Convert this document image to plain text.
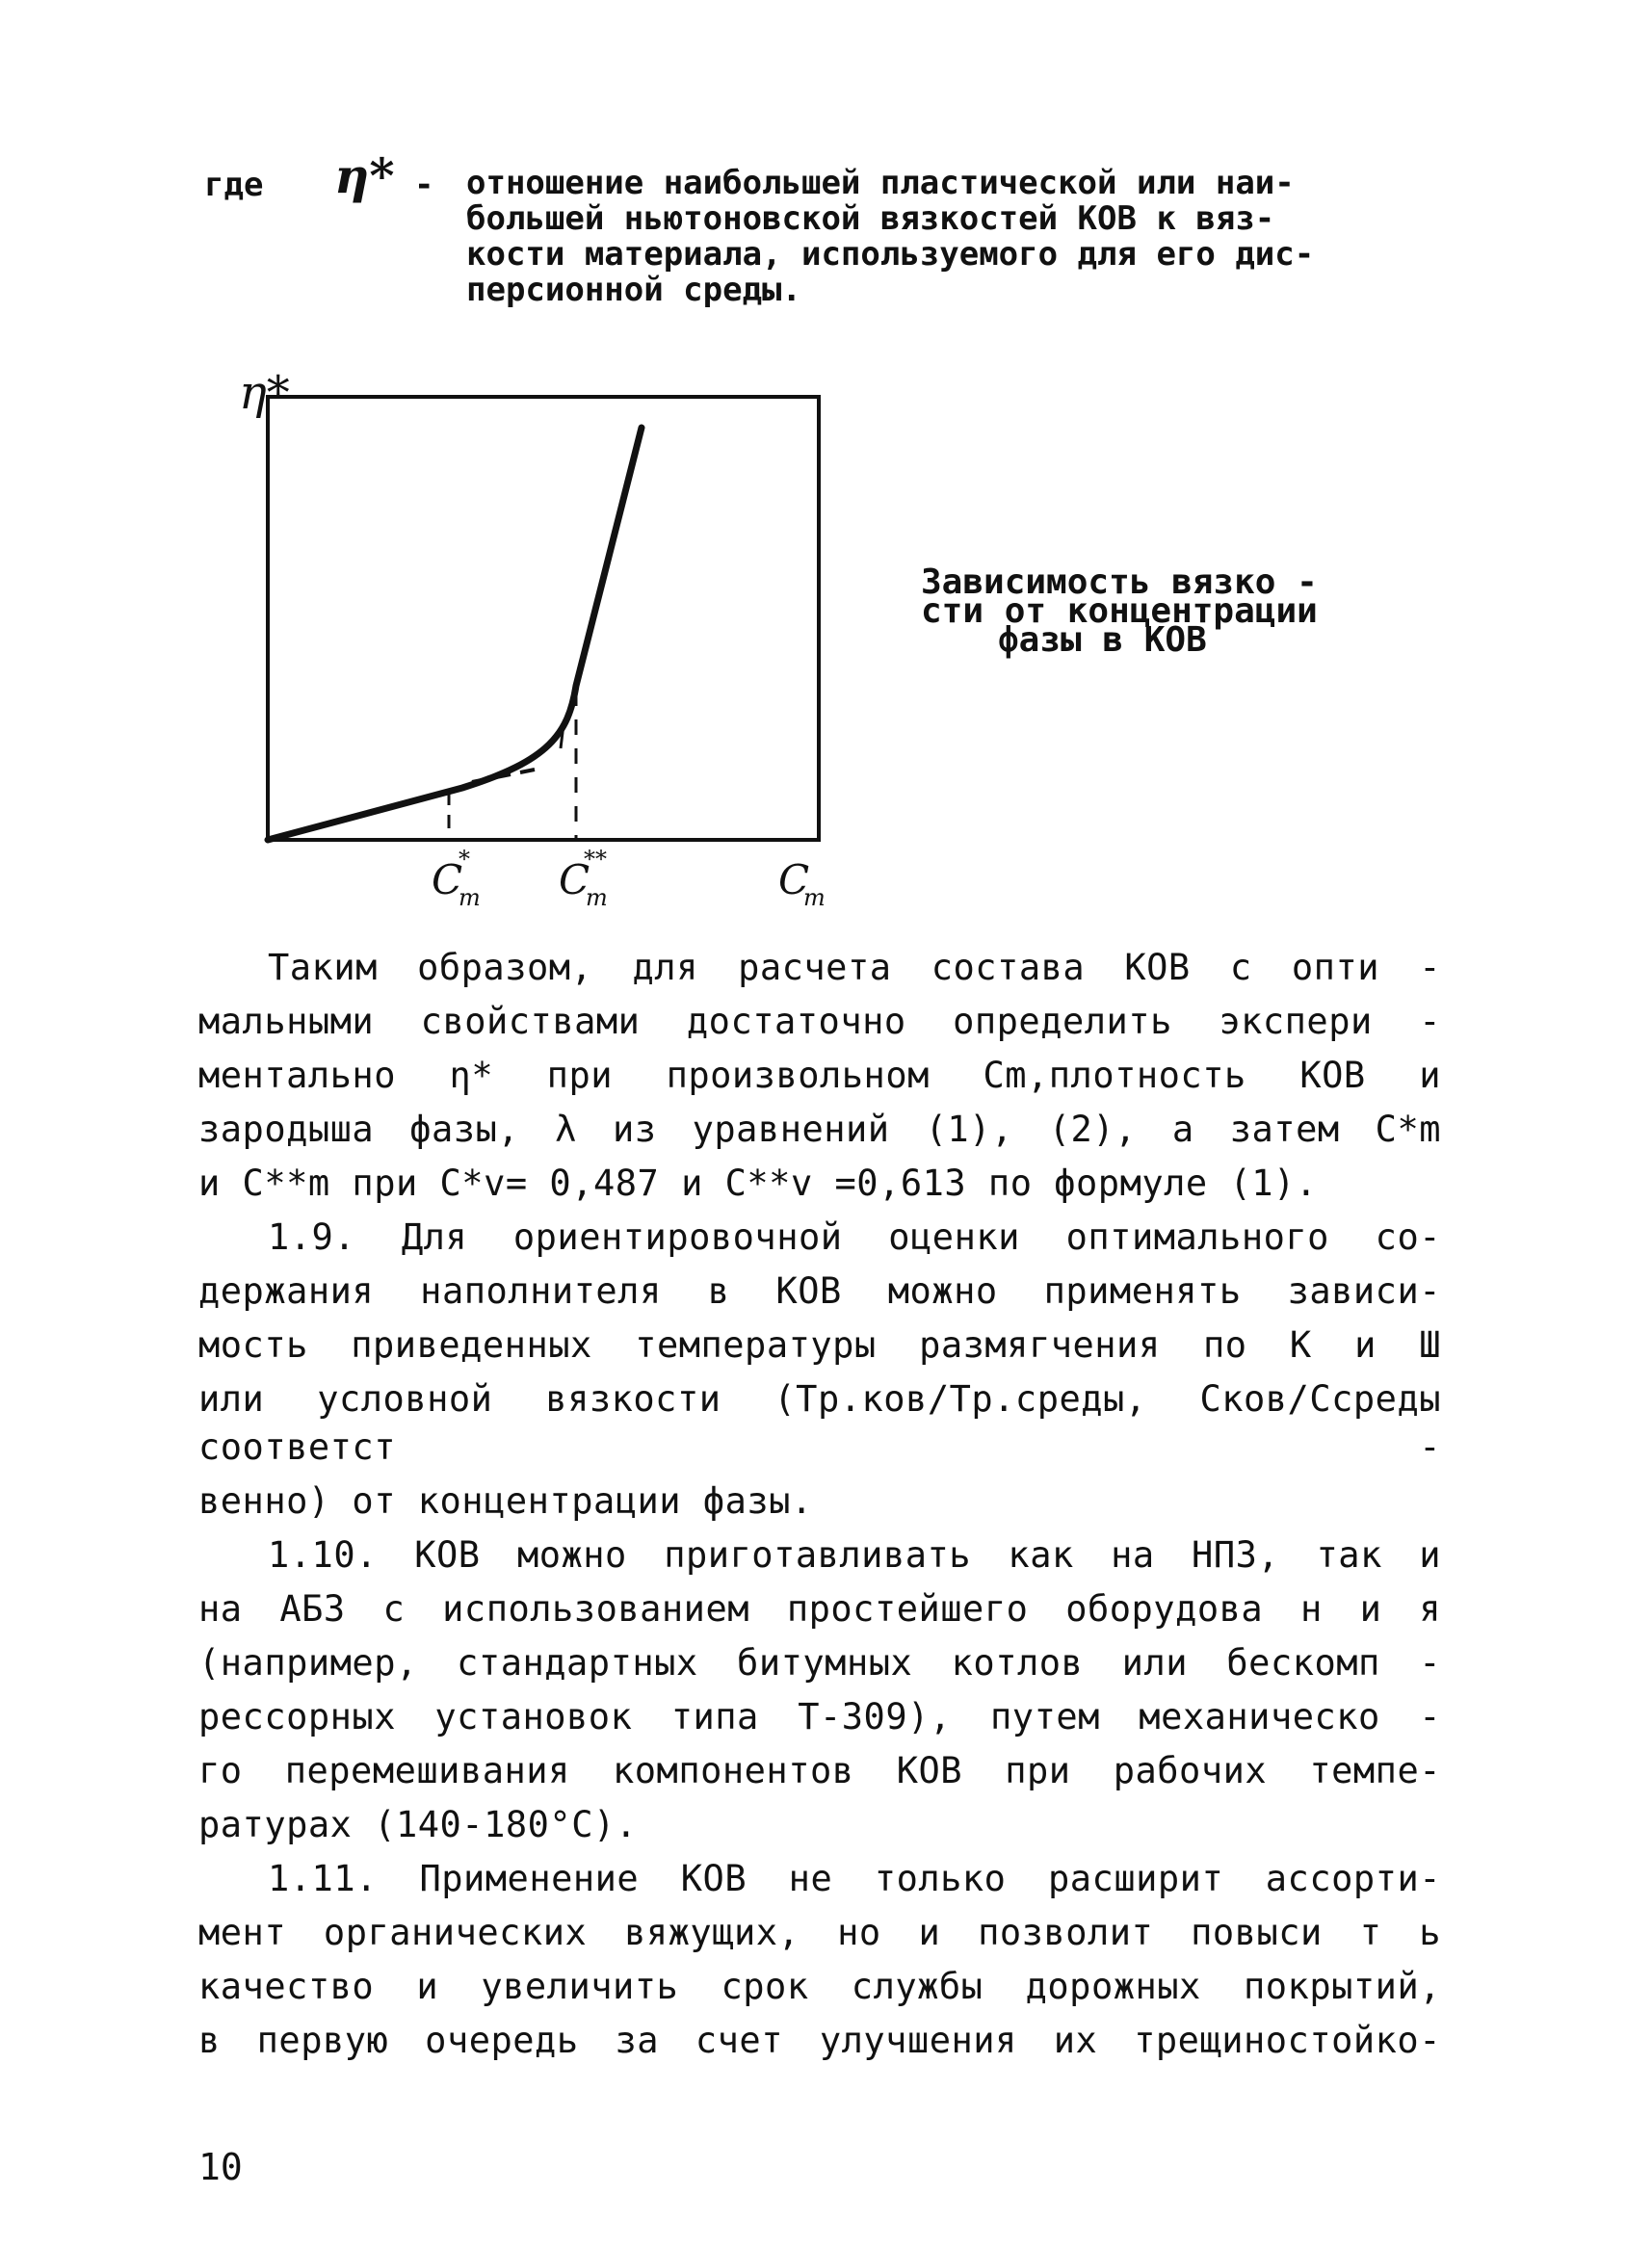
где η* - отношение наибольшей пластической или наи-
большей ньютоновской вязкостей КОВ к вяз-
кости материала, используемого для его дис-
персионной среды.
η*
C
m
* C
m
**	C
m
Зависимость вязко -
сти от концентрации
фазы в КОВ

Таким образом, для расчета состава КОВ с опти -

мальными свойствами достаточно определить экспери -

ментально η* при произвольном Cm,плотность КОВ и

зародыша фазы, λ из уравнений (1), (2), а затем C*m

и C**m при C*v= 0,487 и C**v =0,613 по формуле (1).

1.9. Для ориентировочной оценки оптимального со-

держания наполнителя в КОВ можно применять зависи-

мость приведенных температуры размягчения по К и Ш

или условной вязкости (Tр.ков/Tр.среды, Cков/Cсреды соответст -

венно) от концентрации фазы.

1.10. КОВ можно приготавливать как на НПЗ, так и

на АБЗ с использованием простейшего оборудова н и я

(например, стандартных битумных котлов или бескомп -

рессорных установок типа Т-309), путем механическо -

го перемешивания компонентов КОВ при рабочих темпе-

ратурах (140-180°С).

1.11. Применение КОВ не только расширит ассорти-

мент органических вяжущих, но и позволит повыси т ь

качество и увеличить срок службы дорожных покрытий,

в первую очередь за счет улучшения их трещиностойко-

10
